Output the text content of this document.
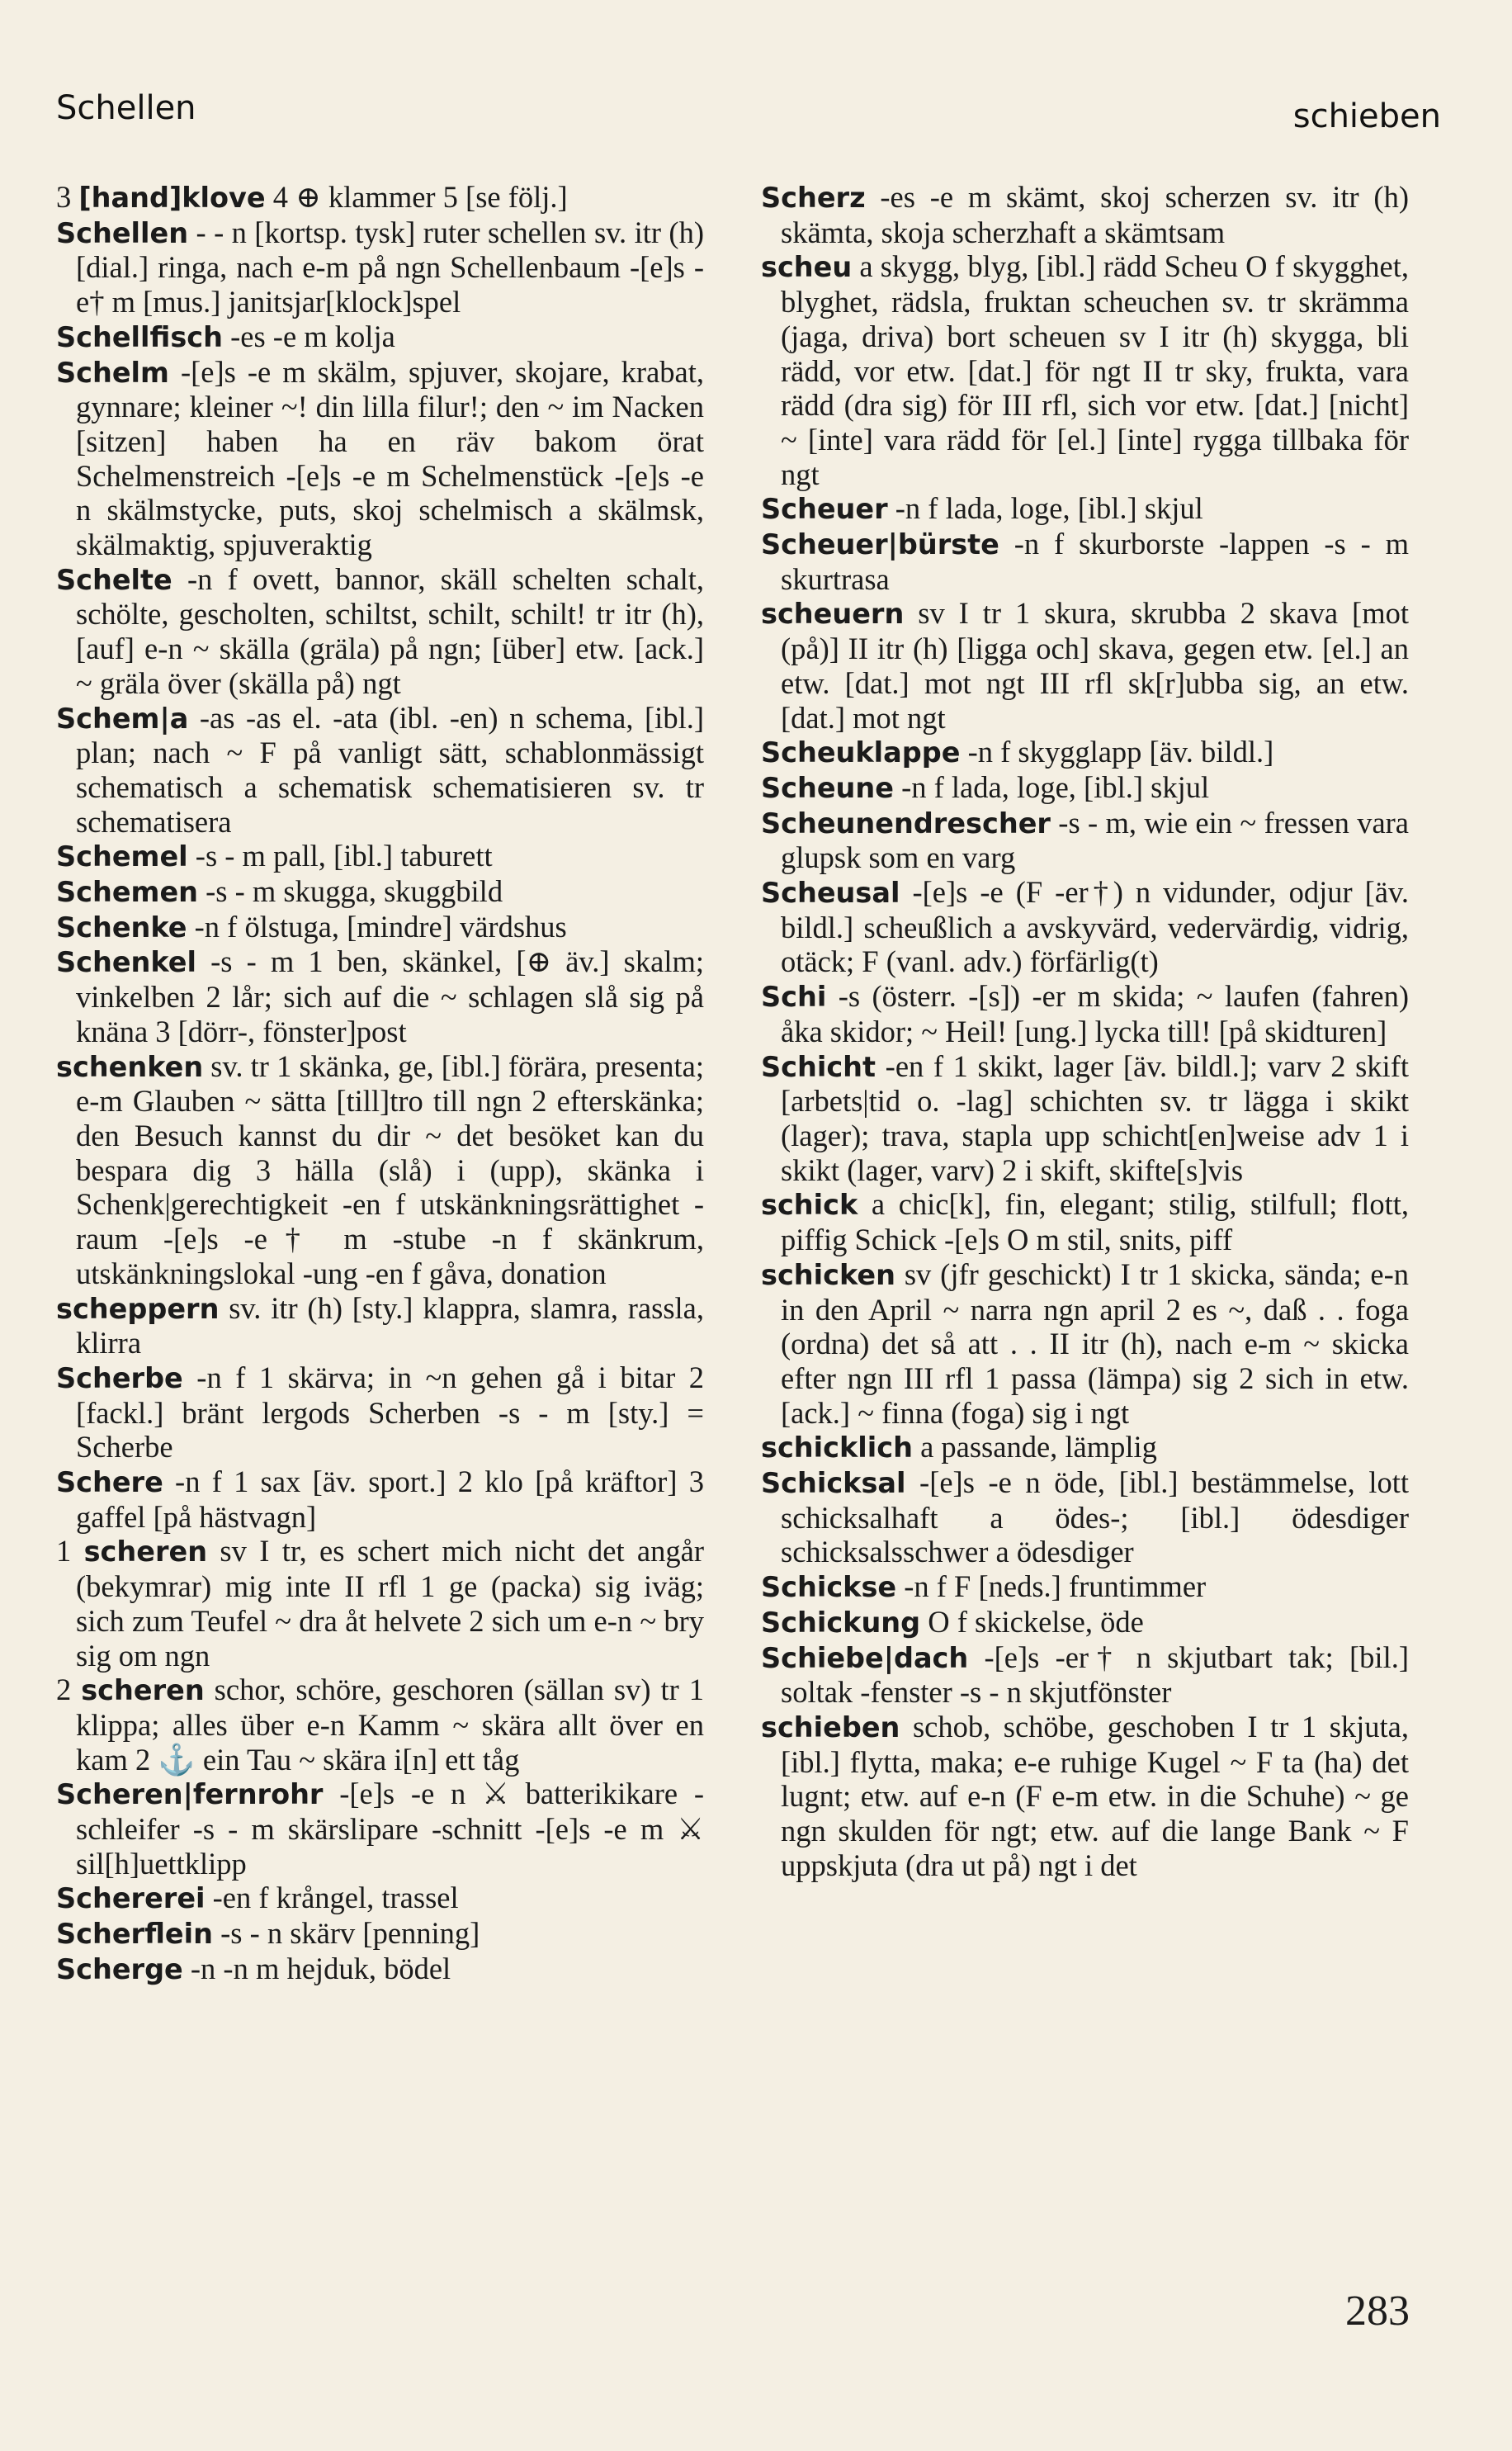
Schellen	schieben

3 [hand]klove 4 ⊕ klammer 5 [se följ.]

Schellen - - n [kortsp. tysk] ruter schellen sv. itr (h) [dial.] ringa, nach e-m på ngn Schellenbaum -[e]s -e† m [mus.] janitsjar[klock]spel

Schellfisch -es -e m kolja

Schelm -[e]s -e m skälm, spjuver, skojare, krabat, gynnare; kleiner ~! din lilla filur!; den ~ im Nacken [sitzen] haben ha en räv bakom örat Schelmenstreich -[e]s -e m Schelmenstück -[e]s -e n skälmstycke, puts, skoj schelmisch a skälmsk, skälmaktig, spjuveraktig

Schelte -n f ovett, bannor, skäll schelten schalt, schölte, gescholten, schiltst, schilt, schilt! tr itr (h), [auf] e-n ~ skälla (gräla) på ngn; [über] etw. [ack.] ~ gräla över (skälla på) ngt

Schem|a -as -as el. -ata (ibl. -en) n schema, [ibl.] plan; nach ~ F på vanligt sätt, schablonmässigt schematisch a schematisk schematisieren sv. tr schematisera

Schemel -s - m pall, [ibl.] taburett

Schemen -s - m skugga, skuggbild

Schenke -n f ölstuga, [mindre] värdshus

Schenkel -s - m 1 ben, skänkel, [⊕ äv.] skalm; vinkelben 2 lår; sich auf die ~ schlagen slå sig på knäna 3 [dörr-, fönster]post

schenken sv. tr 1 skänka, ge, [ibl.] förära, presenta; e-m Glauben ~ sätta [till]tro till ngn 2 efterskänka; den Besuch kannst du dir ~ det besöket kan du bespara dig 3 hälla (slå) i (upp), skänka i Schenk|gerechtigkeit -en f utskänkningsrättighet -raum -[e]s -e† m -stube -n f skänkrum, utskänkningslokal -ung -en f gåva, donation

scheppern sv. itr (h) [sty.] klappra, slamra, rassla, klirra

Scherbe -n f 1 skärva; in ~n gehen gå i bitar 2 [fackl.] bränt lergods Scherben -s - m [sty.] = Scherbe

Schere -n f 1 sax [äv. sport.] 2 klo [på kräftor] 3 gaffel [på hästvagn]

1 scheren sv I tr, es schert mich nicht det angår (bekymrar) mig inte II rfl 1 ge (packa) sig iväg; sich zum Teufel ~ dra åt helvete 2 sich um e-n ~ bry sig om ngn

2 scheren schor, schöre, geschoren (sällan sv) tr 1 klippa; alles über e-n Kamm ~ skära allt över en kam 2 ⚓ ein Tau ~ skära i[n] ett tåg

Scheren|fernrohr -[e]s -e n ⚔ batterikikare -schleifer -s - m skärslipare -schnitt -[e]s -e m ⚔ sil[h]uettklipp

Schererei -en f krångel, trassel

Scherflein -s - n skärv [penning]

Scherge -n -n m hejduk, bödel

Scherz -es -e m skämt, skoj scherzen sv. itr (h) skämta, skoja scherzhaft a skämtsam

scheu a skygg, blyg, [ibl.] rädd Scheu O f skygghet, blyghet, rädsla, fruktan scheuchen sv. tr skrämma (jaga, driva) bort scheuen sv I itr (h) skygga, bli rädd, vor etw. [dat.] för ngt II tr sky, frukta, vara rädd (dra sig) för III rfl, sich vor etw. [dat.] [nicht] ~ [inte] vara rädd för [el.] [inte] rygga tillbaka för ngt

Scheuer -n f lada, loge, [ibl.] skjul

Scheuer|bürste -n f skurborste -lappen -s - m skurtrasa

scheuern sv I tr 1 skura, skrubba 2 skava [mot (på)] II itr (h) [ligga och] skava, gegen etw. [el.] an etw. [dat.] mot ngt III rfl sk[r]ubba sig, an etw. [dat.] mot ngt

Scheuklappe -n f skygglapp [äv. bildl.]

Scheune -n f lada, loge, [ibl.] skjul

Scheunendrescher -s - m, wie ein ~ fressen vara glupsk som en varg

Scheusal -[e]s -e (F -er†) n vidunder, odjur [äv. bildl.] scheußlich a avskyvärd, vedervärdig, vidrig, otäck; F (vanl. adv.) förfärlig(t)

Schi -s (österr. -[s]) -er m skida; ~ laufen (fahren) åka skidor; ~ Heil! [ung.] lycka till! [på skidturen]

Schicht -en f 1 skikt, lager [äv. bildl.]; varv 2 skift [arbets|tid o. -lag] schichten sv. tr lägga i skikt (lager); trava, stapla upp schicht[en]weise adv 1 i skikt (lager, varv) 2 i skift, skifte[s]vis

schick a chic[k], fin, elegant; stilig, stilfull; flott, piffig Schick -[e]s O m stil, snits, piff

schicken sv (jfr geschickt) I tr 1 skicka, sända; e-n in den April ~ narra ngn april 2 es ~, daß . . foga (ordna) det så att . . II itr (h), nach e-m ~ skicka efter ngn III rfl 1 passa (lämpa) sig 2 sich in etw. [ack.] ~ finna (foga) sig i ngt

schicklich a passande, lämplig

Schicksal -[e]s -e n öde, [ibl.] bestämmelse, lott schicksalhaft a ödes-; [ibl.] ödesdiger schicksalsschwer a ödesdiger

Schickse -n f F [neds.] fruntimmer

Schickung O f skickelse, öde

Schiebe|dach -[e]s -er† n skjutbart tak; [bil.] soltak -fenster -s - n skjutfönster

schieben schob, schöbe, geschoben I tr 1 skjuta, [ibl.] flytta, maka; e-e ruhige Kugel ~ F ta (ha) det lugnt; etw. auf e-n (F e-m etw. in die Schuhe) ~ ge ngn skulden för ngt; etw. auf die lange Bank ~ F uppskjuta (dra ut på) ngt i det

283
